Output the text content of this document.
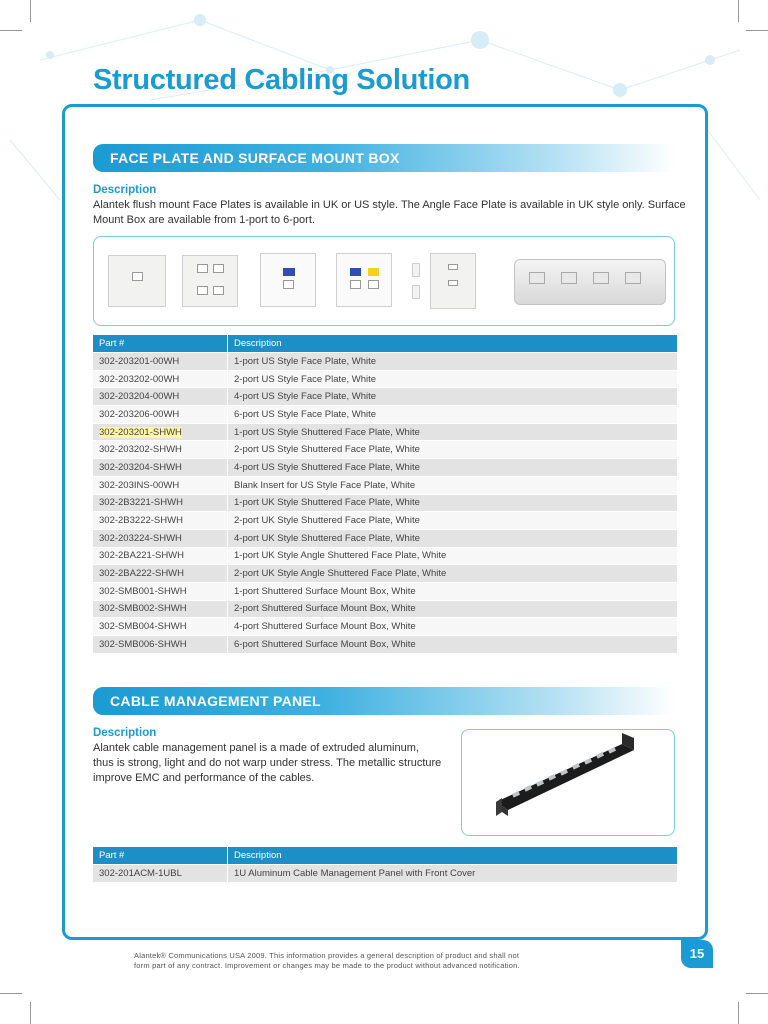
Structured Cabling Solution
FACE PLATE AND SURFACE MOUNT BOX
Description
Alantek flush mount Face Plates is available in UK or US style. The Angle Face Plate is available in UK style only. Surface
Mount Box are available from 1-port to 6-port.
Part #	Description
302-203201-00WH	1-port US Style Face Plate, White
302-203202-00WH	2-port US Style Face Plate, White
302-203204-00WH	4-port US Style Face Plate, White
302-203206-00WH	6-port US Style Face Plate, White
302-203201-SHWH	1-port US Style Shuttered Face Plate, White
302-203202-SHWH	2-port US Style Shuttered Face Plate, White
302-203204-SHWH	4-port US Style Shuttered Face Plate, White
302-203INS-00WH	Blank Insert for US Style Face Plate, White
302-2B3221-SHWH	1-port UK Style Shuttered Face Plate, White
302-2B3222-SHWH	2-port UK Style Shuttered Face Plate, White
302-203224-SHWH	4-port UK Style Shuttered Face Plate, White
302-2BA221-SHWH	1-port UK Style Angle Shuttered Face Plate, White
302-2BA222-SHWH	2-port UK Style Angle Shuttered Face Plate, White
302-SMB001-SHWH	1-port Shuttered Surface Mount Box, White
302-SMB002-SHWH	2-port Shuttered Surface Mount Box, White
302-SMB004-SHWH	4-port Shuttered Surface Mount Box, White
302-SMB006-SHWH	6-port Shuttered Surface Mount Box, White
CABLE MANAGEMENT PANEL
Description
Alantek cable management panel is a made of extruded aluminum,
thus is strong, light and do not warp under stress. The metallic structure
improve EMC and performance of the cables.
Part #	Description
302-201ACM-1UBL	1U Aluminum Cable Management Panel with Front Cover
Alantek® Communications USA 2009. This information provides a general description of product and shall not
form part of any contract. Improvement or changes may be made to the product without advanced notification.
15
